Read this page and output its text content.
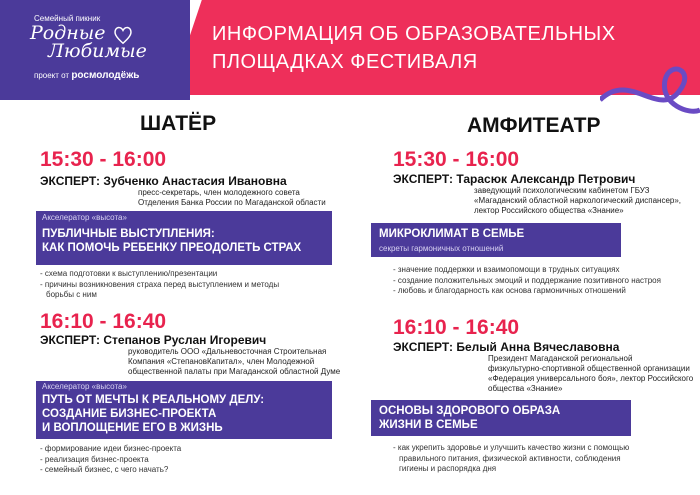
Семейный пикник
Родные
Любимые
проект от росмолодёжь
ИНФОРМАЦИЯ ОБ ОБРАЗОВАТЕЛЬНЫХ
ПЛОЩАДКАХ ФЕСТИВАЛЯ
ШАТЁР
15:30 - 16:00
ЭКСПЕРТ: Зубченко Анастасия Ивановна
пресс-секретарь, член молодежного совета
Отделения Банка России по Магаданской области
Акселератор «высота»
ПУБЛИЧНЫЕ ВЫСТУПЛЕНИЯ:
КАК ПОМОЧЬ РЕБЕНКУ ПРЕОДОЛЕТЬ СТРАХ
- схема подготовки к выступлению/презентации
- причины возникновения страха перед выступлением и методы
борьбы с ним
16:10 - 16:40
ЭКСПЕРТ: Степанов Руслан Игоревич
руководитель ООО «Дальневосточная Строительная
Компания «СтепановКапитал», член Молодежной
общественной палаты при Магаданской областной Думе
Акселератор «высота»
ПУТЬ ОТ МЕЧТЫ К РЕАЛЬНОМУ ДЕЛУ:
СОЗДАНИЕ БИЗНЕС-ПРОЕКТА
И ВОПЛОЩЕНИЕ ЕГО В ЖИЗНЬ
- формирование идеи бизнес-проекта
- реализация бизнес-проекта
- семейный бизнес, с чего начать?
АМФИТЕАТР
15:30 - 16:00
ЭКСПЕРТ: Тарасюк Александр Петрович
заведующий психологическим кабинетом ГБУЗ
«Магаданский областной наркологический диспансер»,
лектор Российского общества «Знание»
МИКРОКЛИМАТ В СЕМЬЕ
секреты гармоничных отношений
- значение поддержки и взаимопомощи в трудных ситуациях
- создание положительных эмоций и поддержание позитивного настроя
- любовь и благодарность как основа гармоничных отношений
16:10 - 16:40
ЭКСПЕРТ: Белый Анна Вячеславовна
Президент Магаданской региональной
физкультурно-спортивной общественной организации
«Федерация универсального боя», лектор Российского
общества «Знание»
ОСНОВЫ ЗДОРОВОГО ОБРАЗА
ЖИЗНИ В СЕМЬЕ
- как укрепить здоровье и улучшить качество жизни с помощью
правильного питания, физической активности, соблюдения
гигиены и распорядка дня
